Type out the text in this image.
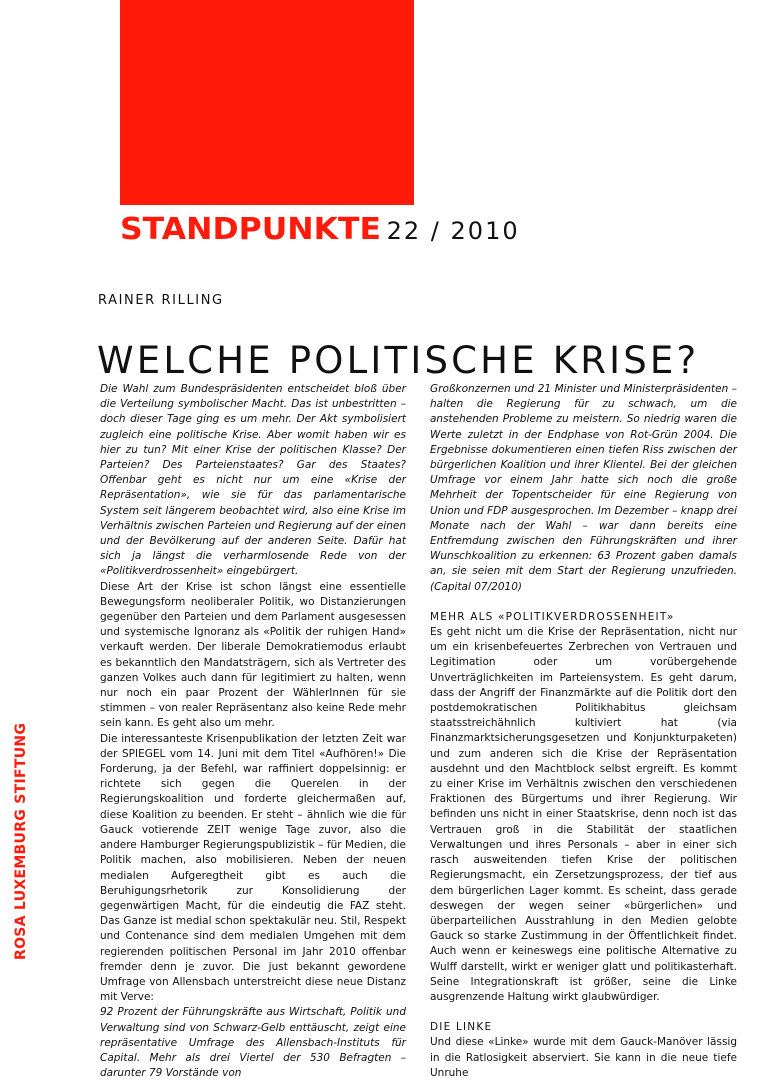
STANDPUNKTE 22 / 2010
ROSA LUXEMBURG STIFTUNG
RAINER RILLING
WELCHE POLITISCHE KRISE?

Die Wahl zum Bundespräsidenten entscheidet bloß über die Verteilung symbolischer Macht. Das ist unbestritten – doch dieser Tage ging es um mehr. Der Akt symbolisiert zugleich eine politische Krise. Aber womit haben wir es hier zu tun? Mit einer Krise der politischen Klasse? Der Parteien? Des Parteienstaates? Gar des Staates? Offenbar geht es nicht nur um eine «Krise der Repräsentation», wie sie für das parlamentarische System seit längerem beobachtet wird, also eine Krise im Verhältnis zwischen Parteien und Regierung auf der einen und der Bevölkerung auf der anderen Seite. Dafür hat sich ja längst die verharmlosende Rede von der «Politikverdrossenheit» eingebürgert.

Diese Art der Krise ist schon längst eine essentielle Bewegungsform neoliberaler Politik, wo Distanzierungen gegenüber den Parteien und dem Parlament ausgesessen und systemische Ignoranz als «Politik der ruhigen Hand» verkauft werden. Der liberale Demokratiemodus erlaubt es bekanntlich den Mandatsträgern, sich als Vertreter des ganzen Volkes auch dann für legitimiert zu halten, wenn nur noch ein paar Prozent der WählerInnen für sie stimmen – von realer Repräsentanz also keine Rede mehr sein kann. Es geht also um mehr.

Die interessanteste Krisenpublikation der letzten Zeit war der SPIEGEL vom 14. Juni mit dem Titel «Aufhören!» Die Forderung, ja der Befehl, war raffiniert doppelsinnig: er richtete sich gegen die Querelen in der Regierungskoalition und forderte gleichermaßen auf, diese Koalition zu beenden. Er steht – ähnlich wie die für Gauck votierende ZEIT wenige Tage zuvor, also die andere Hamburger Regierungspublizistik – für Medien, die Politik machen, also mobilisieren. Neben der neuen medialen Aufgeregtheit gibt es auch die Beruhigungsrhetorik zur Konsolidierung der gegenwärtigen Macht, für die eindeutig die FAZ steht. Das Ganze ist medial schon spektakulär neu. Stil, Respekt und Contenance sind dem medialen Umgehen mit dem regierenden politischen Personal im Jahr 2010 offenbar fremder denn je zuvor. Die just bekannt gewordene Umfrage von Allensbach unterstreicht diese neue Distanz mit Verve:

92 Prozent der Führungskräfte aus Wirtschaft, Politik und Verwaltung sind von Schwarz-Gelb enttäuscht, zeigt eine repräsentative Umfrage des Allensbach-Instituts für Capital. Mehr als drei Viertel der 530 Befragten – darunter 79 Vorstände von

Großkonzernen und 21 Minister und Ministerpräsidenten – halten die Regierung für zu schwach, um die anstehenden Probleme zu meistern. So niedrig waren die Werte zuletzt in der Endphase von Rot-Grün 2004. Die Ergebnisse dokumentieren einen tiefen Riss zwischen der bürgerlichen Koalition und ihrer Klientel. Bei der gleichen Umfrage vor einem Jahr hatte sich noch die große Mehrheit der Topentscheider für eine Regierung von Union und FDP ausgesprochen. Im Dezember – knapp drei Monate nach der Wahl – war dann bereits eine Entfremdung zwischen den Führungskräften und ihrer Wunschkoalition zu erkennen: 63 Prozent gaben damals an, sie seien mit dem Start der Regierung unzufrieden. (Capital 07/2010)

MEHR ALS «POLITIKVERDROSSENHEIT»

Es geht nicht um die Krise der Repräsentation, nicht nur um ein krisenbefeuertes Zerbrechen von Vertrauen und Legitimation oder um vorübergehende Unverträglichkeiten im Parteiensystem. Es geht darum, dass der Angriff der Finanzmärkte auf die Politik dort den postdemokratischen Politikhabitus gleichsam staatsstreichähnlich kultiviert hat (via Finanzmarktsicherungsgesetzen und Konjunkturpaketen) und zum anderen sich die Krise der Repräsentation ausdehnt und den Machtblock selbst ergreift. Es kommt zu einer Krise im Verhältnis zwischen den verschiedenen Fraktionen des Bürgertums und ihrer Regierung. Wir befinden uns nicht in einer Staatskrise, denn noch ist das Vertrauen groß in die Stabilität der staatlichen Verwaltungen und ihres Personals – aber in einer sich rasch ausweitenden tiefen Krise der politischen Regierungsmacht, ein Zersetzungsprozess, der tief aus dem bürgerlichen Lager kommt. Es scheint, dass gerade deswegen der wegen seiner «bürgerlichen» und überparteilichen Ausstrahlung in den Medien gelobte Gauck so starke Zustimmung in der Öffentlichkeit findet. Auch wenn er keineswegs eine politische Alternative zu Wulff darstellt, wirkt er weniger glatt und politikasterhaft. Seine Integrationskraft ist größer, seine die Linke ausgrenzende Haltung wirkt glaubwürdiger.

DIE LINKE

Und diese «Linke» wurde mit dem Gauck-Manöver lässig in die Ratlosigkeit abserviert. Sie kann in die neue tiefe Unruhe
